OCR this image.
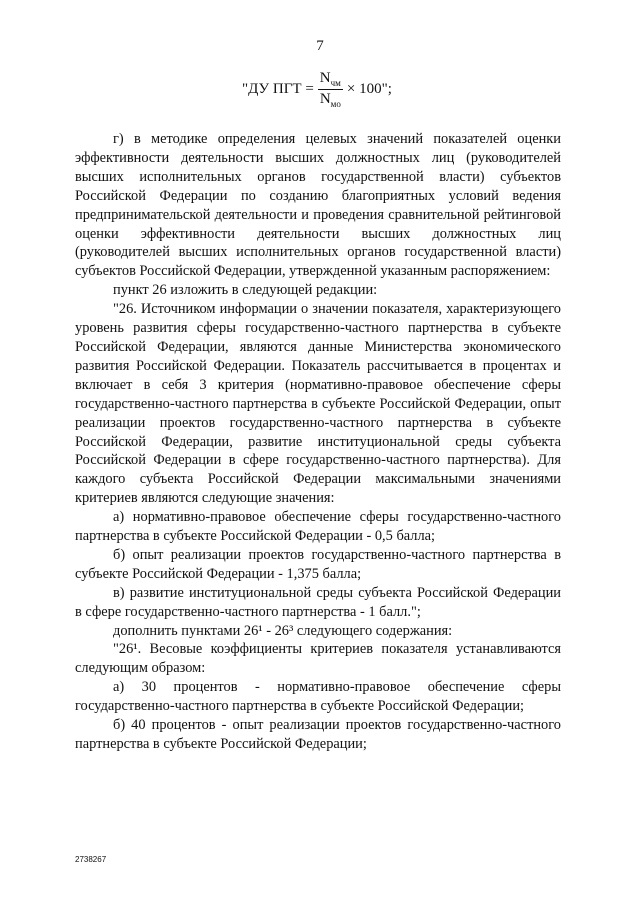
7
"ДУ ПГТ = $\frac{N_{чм}}{N_{мо}} \times 100$";

г) в методике определения целевых значений показателей оценки эффективности деятельности высших должностных лиц (руководителей высших исполнительных органов государственной власти) субъектов Российской Федерации по созданию благоприятных условий ведения предпринимательской деятельности и проведения сравнительной рейтинговой оценки эффективности деятельности высших должностных лиц (руководителей высших исполнительных органов государственной власти) субъектов Российской Федерации, утвержденной указанным распоряжением:

пункт 26 изложить в следующей редакции:

"26. Источником информации о значении показателя, характеризующего уровень развития сферы государственно-частного партнерства в субъекте Российской Федерации, являются данные Министерства экономического развития Российской Федерации. Показатель рассчитывается в процентах и включает в себя 3 критерия (нормативно-правовое обеспечение сферы государственно-частного партнерства в субъекте Российской Федерации, опыт реализации проектов государственно-частного партнерства в субъекте Российской Федерации, развитие институциональной среды субъекта Российской Федерации в сфере государственно-частного партнерства). Для каждого субъекта Российской Федерации максимальными значениями критериев являются следующие значения:

а) нормативно-правовое обеспечение сферы государственно-частного партнерства в субъекте Российской Федерации - 0,5 балла;

б) опыт реализации проектов государственно-частного партнерства в субъекте Российской Федерации - 1,375 балла;

в) развитие институциональной среды субъекта Российской Федерации в сфере государственно-частного партнерства - 1 балл.";

дополнить пунктами 26¹ - 26³ следующего содержания:

"26¹. Весовые коэффициенты критериев показателя устанавливаются следующим образом:

а) 30 процентов - нормативно-правовое обеспечение сферы государственно-частного партнерства в субъекте Российской Федерации;

б) 40 процентов - опыт реализации проектов государственно-частного партнерства в субъекте Российской Федерации;

2738267
